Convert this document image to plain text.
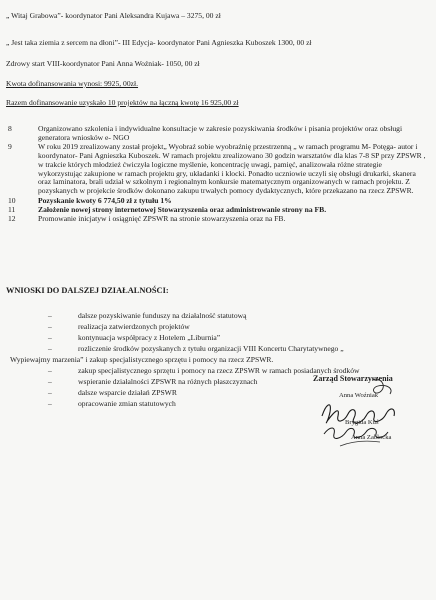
„ Witaj Grabowa”- koordynator Pani Aleksandra Kujawa – 3275, 00 zł
„ Jest taka ziemia z sercem na dłoni”- III Edycja- koordynator Pani Agnieszka Kuboszek 1300, 00 zł
Zdrowy start VIII-koordynator Pani Anna Woźniak- 1050, 00 zł
Kwota dofinansowania wynosi: 9925, 00zł.
Razem dofinansowanie uzyskało 10 projektów na łączną kwotę 16 925,00 zł
8	Organizowano szkolenia i indywidualne konsultacje w zakresie pozyskiwania środków i pisania projektów oraz obsługi generatora wniosków e- NGO
9	W roku 2019 zrealizowany został projekt„ Wyobraź sobie wyobraźnię przestrzenną „ w ramach programu M- Potęga- autor i koordynator- Pani Agnieszka Kuboszek. W ramach projektu zrealizowano 30 godzin warsztatów dla klas 7-8 SP przy ZPSWR , w trakcie których młodzież ćwiczyła logiczne myślenie, koncentrację uwagi, pamięć, analizowała różne strategie wykorzystując zakupione w ramach projektu gry, układanki i klocki. Ponadto uczniowie uczyli się obsługi drukarki, skanera oraz laminatora, brali udział w szkolnym i regionalnym konkursie matematycznym organizowanych w ramach projektu. Z pozyskanych w projekcie środków dokonano zakupu trwałych pomocy dydaktycznych, które przekazano na rzecz ZPSWR.
10	Pozyskanie kwoty 6 774,50 zł z tytułu 1%
11	Założenie nowej strony internetowej Stowarzyszenia oraz administrowanie strony na FB.
12	Promowanie inicjatyw i osiągnięć ZPSWR na stronie stowarzyszenia oraz na FB.
WNIOSKI DO DALSZEJ DZIAŁALNOŚCI:
–	dalsze pozyskiwanie funduszy na działalność statutową
–	realizacja zatwierdzonych projektów
–	kontynuacja współpracy z Hotelem „Liburnia”
–	rozliczenie środków pozyskanych z tytułu organizacji VIII Koncertu Charytatywnego „
Wypiewajmy marzenia” i zakup specjalistycznego sprzętu i pomocy na rzecz ZPSWR.
–	zakup specjalistycznego sprzętu i pomocy na rzecz ZPSWR w ramach posiadanych środków
–	wspieranie działalności ZPSWR na różnych płaszczyznach
–	dalsze wsparcie działań ZPSWR
–	opracowanie zmian statutowych
Zarząd Stowarzyszenia
Anna Woźniak
Brygida Kuś
Anna Zabłocka
